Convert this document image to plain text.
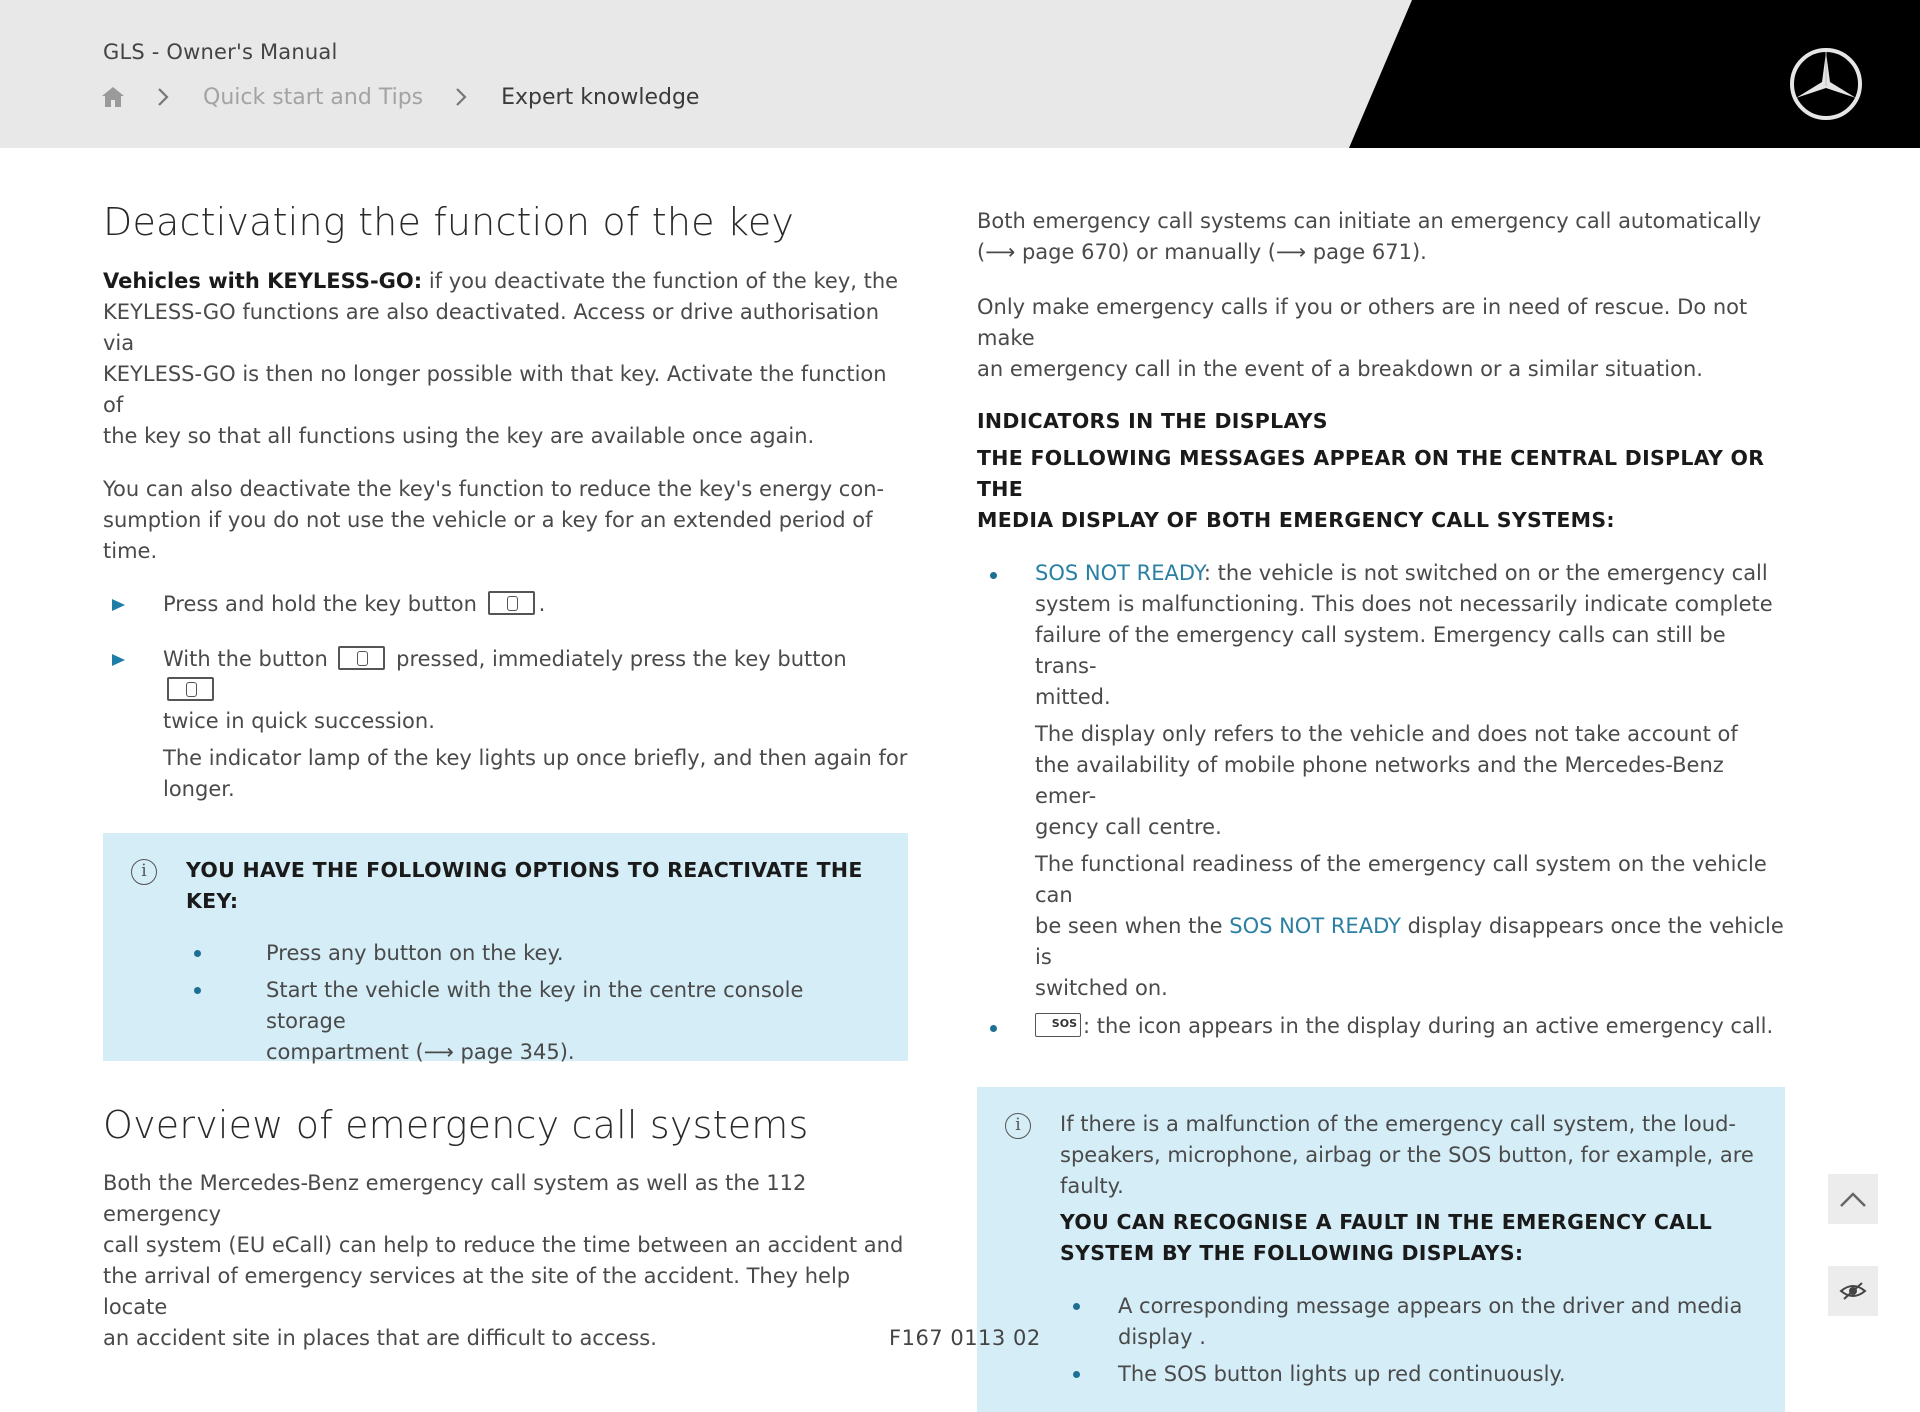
GLS - Owner's Manual
Quick start and Tips	Expert knowledge
Deactivating the function of the key
Vehicles with KEYLESS-GO: if you deactivate the function of the key, the
KEYLESS-GO functions are also deactivated. Access or drive authorisation via
KEYLESS-GO is then no longer possible with that key. Activate the function of
the key so that all functions using the key are available once again.
You can also deactivate the key's function to reduce the key's energy con-
sumption if you do not use the vehicle or a key for an extended period of time.
Press and hold the key button	.
With the button	pressed, immediately press the key button
twice in quick succession.
The indicator lamp of the key lights up once briefly, and then again for
longer.
i	YOU HAVE THE FOLLOWING OPTIONS TO REACTIVATE THE
KEY:
Press any button on the key.
Start the vehicle with the key in the centre console storage
compartment (⟶ page 345).
Overview of emergency call systems
Both the Mercedes-Benz emergency call system as well as the 112 emergency
call system (EU eCall) can help to reduce the time between an accident and
the arrival of emergency services at the site of the accident. They help locate
an accident site in places that are difficult to access.
Both emergency call systems can initiate an emergency call automatically
(⟶ page 670) or manually (⟶ page 671).
Only make emergency calls if you or others are in need of rescue. Do not make
an emergency call in the event of a breakdown or a similar situation.
INDICATORS IN THE DISPLAYS
THE FOLLOWING MESSAGES APPEAR ON THE CENTRAL DISPLAY OR THE
MEDIA DISPLAY OF BOTH EMERGENCY CALL SYSTEMS:
SOS NOT READY: the vehicle is not switched on or the emergency call
system is malfunctioning. This does not necessarily indicate complete
failure of the emergency call system. Emergency calls can still be trans-
mitted.
The display only refers to the vehicle and does not take account of
the availability of mobile phone networks and the Mercedes-Benz emer-
gency call centre.
The functional readiness of the emergency call system on the vehicle can
be seen when the SOS NOT READY display disappears once the vehicle is
switched on.
SOS : the icon appears in the display during an active emergency call.
i	If there is a malfunction of the emergency call system, the loud-
speakers, microphone, airbag or the SOS button, for example, are
faulty.
YOU CAN RECOGNISE A FAULT IN THE EMERGENCY CALL
SYSTEM BY THE FOLLOWING DISPLAYS:
A corresponding message appears on the driver and media
display .
The SOS button lights up red continuously.
F167 0113 02
